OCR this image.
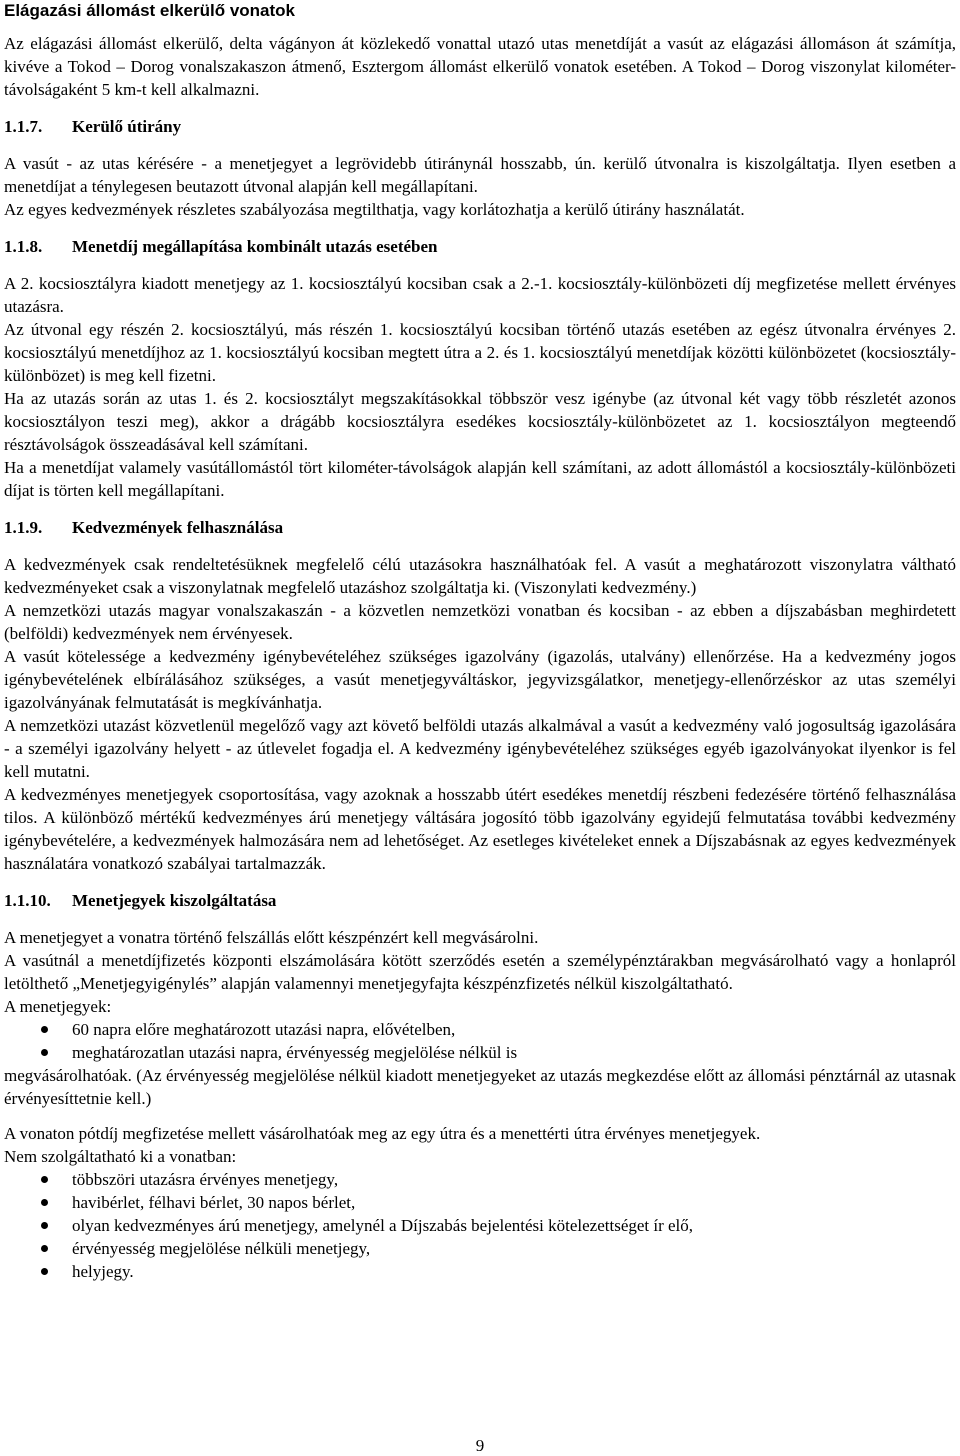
Elágazási állomást elkerülő vonatok

Az elágazási állomást elkerülő, delta vágányon át közlekedő vonattal utazó utas menetdíját a vasút az elágazási állomáson át számítja, kivéve a Tokod – Dorog vonalszakaszon átmenő, Esztergom állomást elkerülő vonatok esetében. A Tokod – Dorog viszonylat kilométer-távolságaként 5 km-t kell alkalmazni.

1.1.7.	Kerülő útirány

A vasút - az utas kérésére - a menetjegyet a legrövidebb útiránynál hosszabb, ún. kerülő útvonalra is kiszolgáltatja. Ilyen esetben a menetdíjat a ténylegesen beutazott útvonal alapján kell megállapítani.

Az egyes kedvezmények részletes szabályozása megtilthatja, vagy korlátozhatja a kerülő útirány használatát.

1.1.8.	Menetdíj megállapítása kombinált utazás esetében

A 2. kocsiosztályra kiadott menetjegy az 1. kocsiosztályú kocsiban csak a 2.-1. kocsiosztály-különbözeti díj megfizetése mellett érvényes utazásra.

Az útvonal egy részén 2. kocsiosztályú, más részén 1. kocsiosztályú kocsiban történő utazás esetében az egész útvonalra érvényes 2. kocsiosztályú menetdíjhoz az 1. kocsiosztályú kocsiban megtett útra a 2. és 1. kocsiosztályú menetdíjak közötti különbözetet (kocsiosztály-különbözet) is meg kell fizetni.

Ha az utazás során az utas 1. és 2. kocsiosztályt megszakításokkal többször vesz igénybe (az útvonal két vagy több részletét azonos kocsiosztályon teszi meg), akkor a drágább kocsiosztályra esedékes kocsiosztály-különbözetet az 1. kocsiosztályon megteendő résztávolságok összeadásával kell számítani.

Ha a menetdíjat valamely vasútállomástól tört kilométer-távolságok alapján kell számítani, az adott állomástól a kocsiosztály-különbözeti díjat is törten kell megállapítani.

1.1.9.	Kedvezmények felhasználása

A kedvezmények csak rendeltetésüknek megfelelő célú utazásokra használhatóak fel. A vasút a meghatározott viszonylatra váltható kedvezményeket csak a viszonylatnak megfelelő utazáshoz szolgáltatja ki. (Viszonylati kedvezmény.)

A nemzetközi utazás magyar vonalszakaszán - a közvetlen nemzetközi vonatban és kocsiban - az ebben a díjszabásban meghirdetett (belföldi) kedvezmények nem érvényesek.

A vasút kötelessége a kedvezmény igénybevételéhez szükséges igazolvány (igazolás, utalvány) ellenőrzése. Ha a kedvezmény jogos igénybevételének elbírálásához szükséges, a vasút menetjegyváltáskor, jegyvizsgálatkor, menetjegy-ellenőrzéskor az utas személyi igazolványának felmutatását is megkívánhatja.

A nemzetközi utazást közvetlenül megelőző vagy azt követő belföldi utazás alkalmával a vasút a kedvezmény való jogosultság igazolására - a személyi igazolvány helyett - az útlevelet fogadja el. A kedvezmény igénybevételéhez szükséges egyéb igazolványokat ilyenkor is fel kell mutatni.

A kedvezményes menetjegyek csoportosítása, vagy azoknak a hosszabb útért esedékes menetdíj részbeni fedezésére történő felhasználása tilos. A különböző mértékű kedvezményes árú menetjegy váltására jogosító több igazolvány egyidejű felmutatása további kedvezmény igénybevételére, a kedvezmények halmozására nem ad lehetőséget. Az esetleges kivételeket ennek a Díjszabásnak az egyes kedvezmények használatára vonatkozó szabályai tartalmazzák.

1.1.10.	Menetjegyek kiszolgáltatása

A menetjegyet a vonatra történő felszállás előtt készpénzért kell megvásárolni.

A vasútnál a menetdíjfizetés központi elszámolására kötött szerződés esetén a személypénztárakban megvásárolható vagy a honlapról letölthető „Menetjegyigénylés” alapján valamennyi menetjegyfajta készpénzfizetés nélkül kiszolgáltatható.

A menetjegyek:

60 napra előre meghatározott utazási napra, elővételben,
meghatározatlan utazási napra, érvényesség megjelölése nélkül is

megvásárolhatóak. (Az érvényesség megjelölése nélkül kiadott menetjegyeket az utazás megkezdése előtt az állomási pénztárnál az utasnak érvényesíttetnie kell.)

A vonaton pótdíj megfizetése mellett vásárolhatóak meg az egy útra és a menettérti útra érvényes menetjegyek.

Nem szolgáltatható ki a vonatban:

többszöri utazásra érvényes menetjegy,
havibérlet, félhavi bérlet, 30 napos bérlet,
olyan kedvezményes árú menetjegy, amelynél a Díjszabás bejelentési kötelezettséget ír elő,
érvényesség megjelölése nélküli menetjegy,
helyjegy.
9
